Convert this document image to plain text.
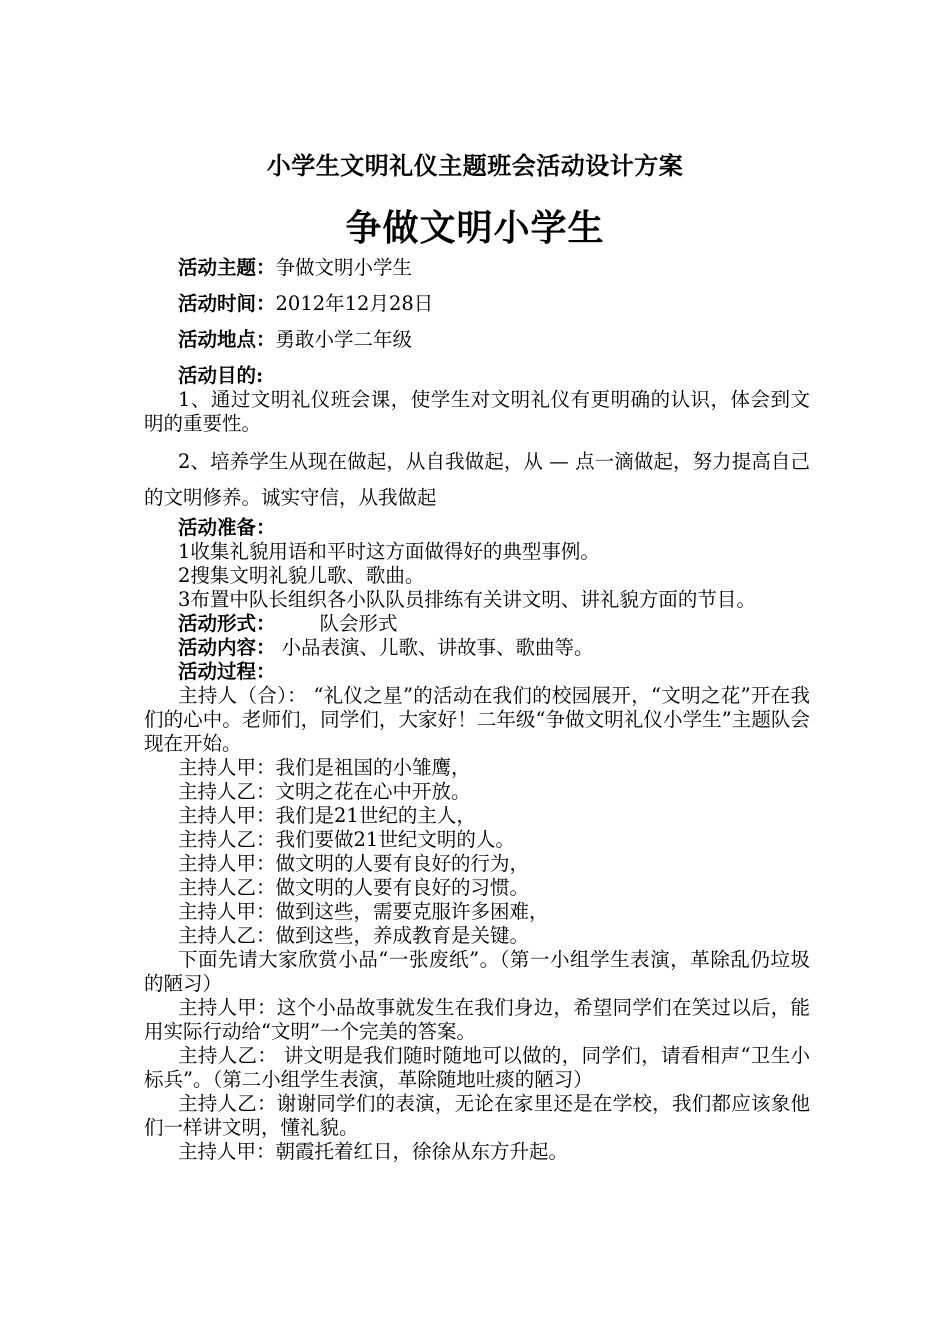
小学生文明礼仪主题班会活动设计方案
争做文明小学生
活动主题：争做文明小学生
活动时间：2012年12月28日
活动地点：勇敢小学二年级
活动目的:
1、通过文明礼仪班会课，使学生对文明礼仪有更明确的认识，体会到文明的重要性。
2、培养学生从现在做起，从自我做起，从 — 点一滴做起，努力提高自己的文明修养。诚实守信，从我做起
活动准备：
1收集礼貌用语和平时这方面做得好的典型事例。
2搜集文明礼貌儿歌、歌曲。
3布置中队长组织各小队队员排练有关讲文明、讲礼貌方面的节目。
活动形式： 队会形式
活动内容： 小品表演、儿歌、讲故事、歌曲等。
活动过程：
主持人（合）： “礼仪之星”的活动在我们的校园展开，“文明之花”开在我们的心中。老师们，同学们，大家好！二年级“争做文明礼仪小学生”主题队会现在开始。
主持人甲：我们是祖国的小雏鹰，
主持人乙：文明之花在心中开放。
主持人甲：我们是21世纪的主人，
主持人乙：我们要做21世纪文明的人。
主持人甲：做文明的人要有良好的行为，
主持人乙：做文明的人要有良好的习惯。
主持人甲：做到这些，需要克服许多困难，
主持人乙：做到这些，养成教育是关键。
下面先请大家欣赏小品“一张废纸”。（第一小组学生表演，革除乱仍垃圾的陋习）
主持人甲：这个小品故事就发生在我们身边，希望同学们在笑过以后，能用实际行动给“文明”一个完美的答案。
主持人乙： 讲文明是我们随时随地可以做的，同学们，请看相声“卫生小标兵”。（第二小组学生表演，革除随地吐痰的陋习）
主持人乙：谢谢同学们的表演，无论在家里还是在学校，我们都应该象他们一样讲文明，懂礼貌。
主持人甲：朝霞托着红日，徐徐从东方升起。
